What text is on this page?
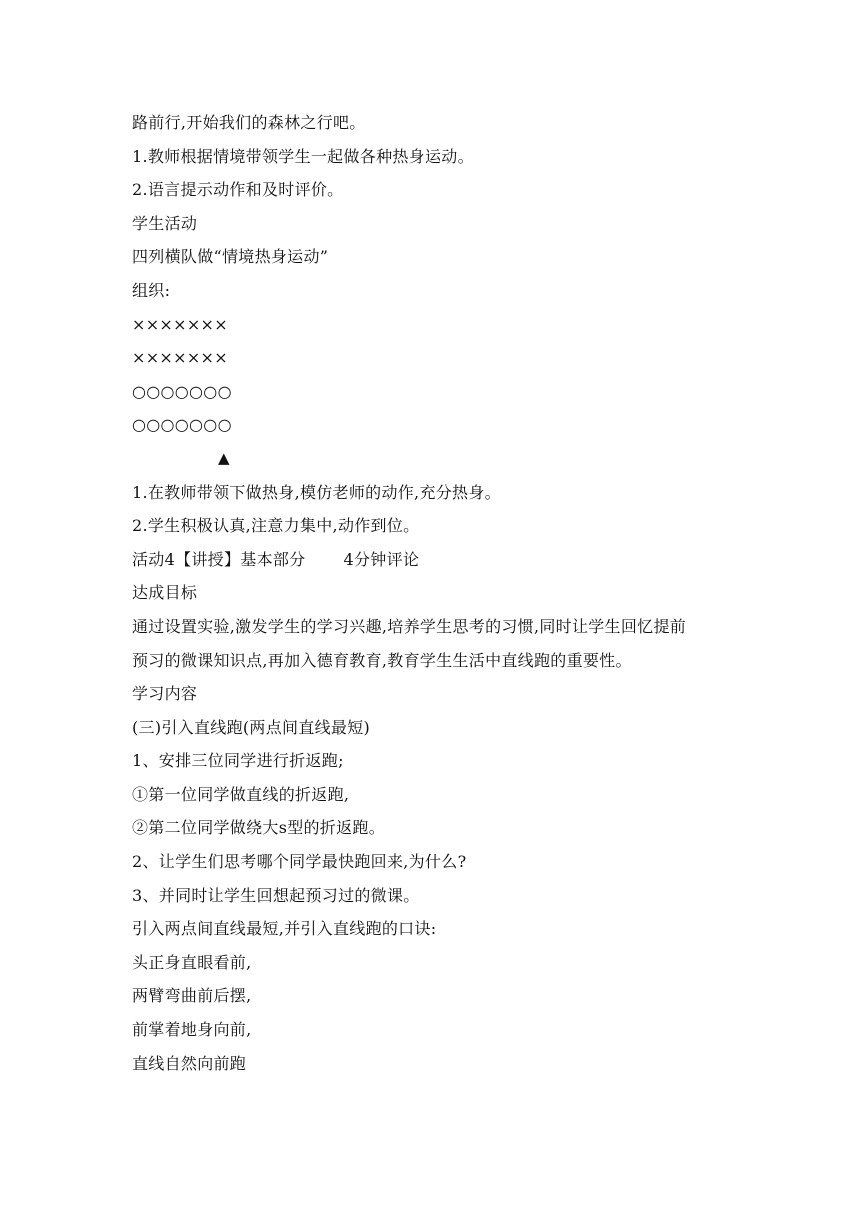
路前行,开始我们的森林之行吧。
1.教师根据情境带领学生一起做各种热身运动。
2.语言提示动作和及时评价。
学生活动
四列横队做“情境热身运动”
组织:
×××××××
×××××××
○○○○○○○
○○○○○○○
▲
1.在教师带领下做热身,模仿老师的动作,充分热身。
2.学生积极认真,注意力集中,动作到位。
活动4【讲授】基本部分 4分钟评论
达成目标
通过设置实验,激发学生的学习兴趣,培养学生思考的习惯,同时让学生回忆提前
预习的微课知识点,再加入德育教育,教育学生生活中直线跑的重要性。
学习内容
(三)引入直线跑(两点间直线最短)
1、安排三位同学进行折返跑;
①第一位同学做直线的折返跑,
②第二位同学做绕大s型的折返跑。
2、让学生们思考哪个同学最快跑回来,为什么?
3、并同时让学生回想起预习过的微课。
引入两点间直线最短,并引入直线跑的口诀:
头正身直眼看前,
两臂弯曲前后摆,
前掌着地身向前,
直线自然向前跑
